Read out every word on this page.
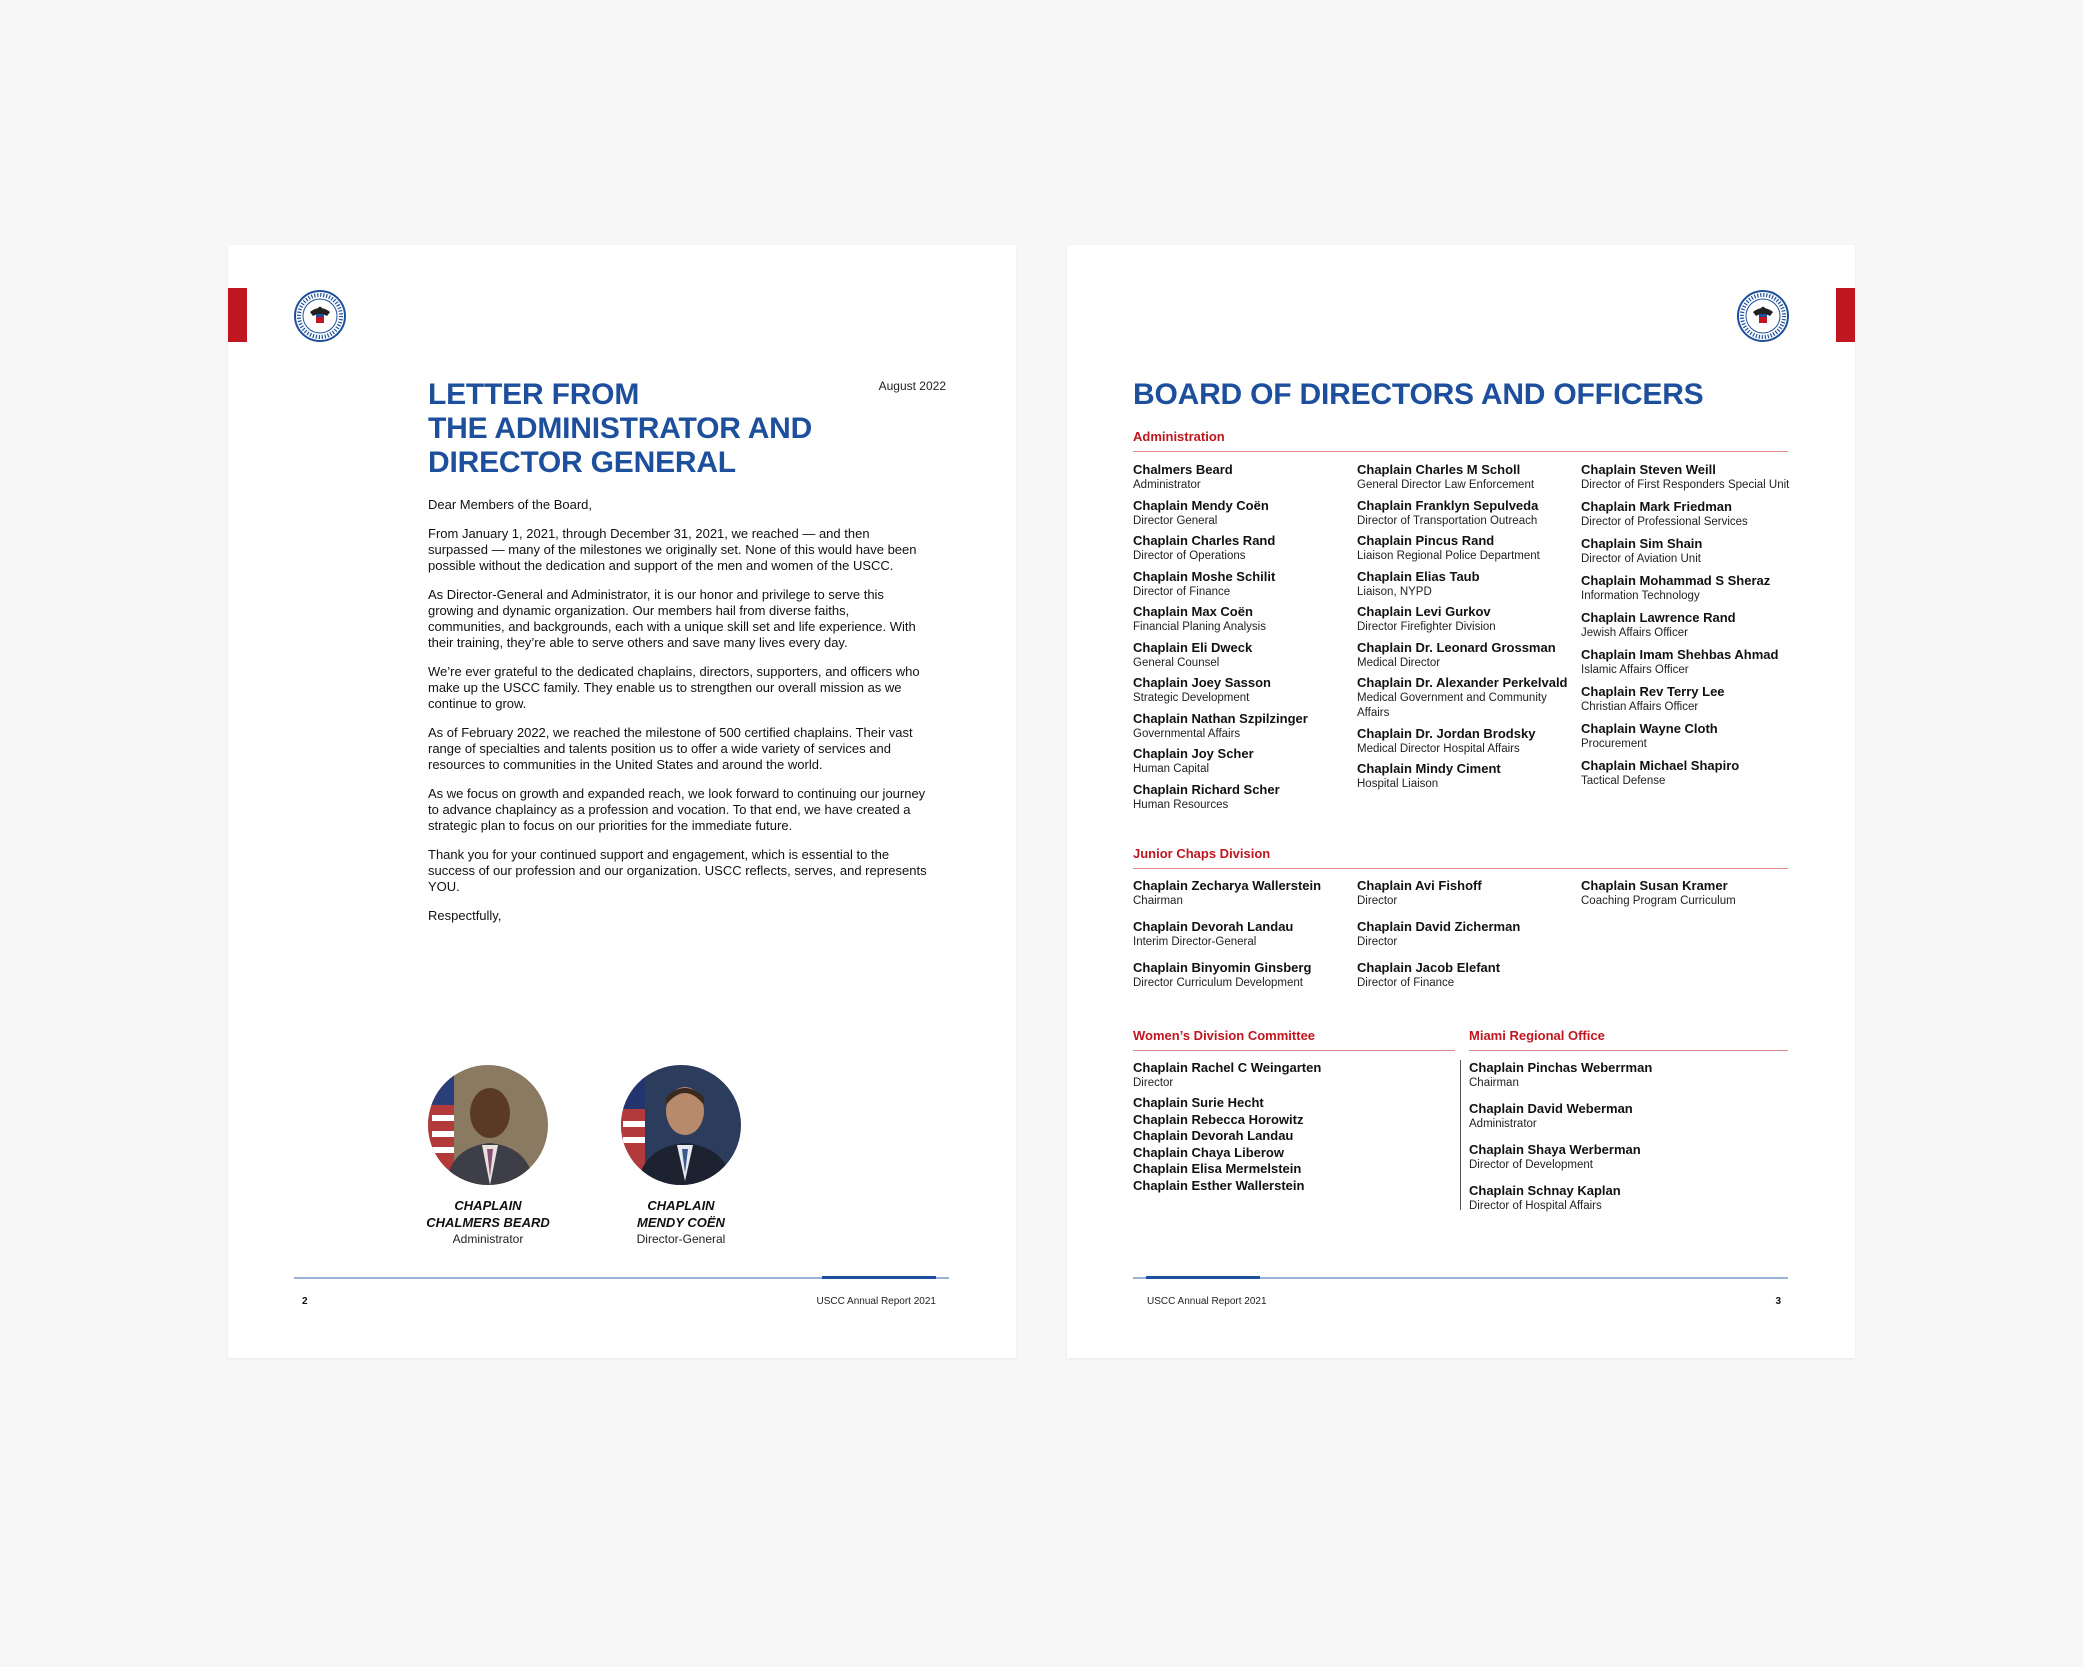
LETTER FROM
THE ADMINISTRATOR AND
DIRECTOR GENERAL
August 2022

Dear Members of the Board,

From January 1, 2021, through December 31, 2021, we reached — and then surpassed — many of the milestones we originally set. None of this would have been possible without the dedication and support of the men and women of the USCC.

As Director-General and Administrator, it is our honor and privilege to serve this growing and dynamic organization. Our members hail from diverse faiths, communities, and backgrounds, each with a unique skill set and life experience. With their training, they’re able to serve others and save many lives every day.

We’re ever grateful to the dedicated chaplains, directors, supporters, and officers who make up the USCC family. They enable us to strengthen our overall mission as we continue to grow.

As of February 2022, we reached the milestone of 500 certified chaplains. Their vast range of specialties and talents position us to offer a wide variety of services and resources to communities in the United States and around the world.

As we focus on growth and expanded reach, we look forward to continuing our journey to advance chaplaincy as a profession and vocation. To that end, we have created a strategic plan to focus on our priorities for the immediate future.

Thank you for your continued support and engagement, which is essential to the success of our profession and our organization. USCC reflects, serves, and represents YOU.

Respectfully,

CHAPLAIN
CHALMERS BEARD
Administrator
CHAPLAIN
MENDY COËN
Director-General
2	USCC Annual Report 2021
BOARD OF DIRECTORS AND OFFICERS
Administration
Chalmers Beard
Administrator
Chaplain Mendy Coën
Director General
Chaplain Charles Rand
Director of Operations
Chaplain Moshe Schilit
Director of Finance
Chaplain Max Coën
Financial Planing Analysis
Chaplain Eli Dweck
General Counsel
Chaplain Joey Sasson
Strategic Development
Chaplain Nathan Szpilzinger
Governmental Affairs
Chaplain Joy Scher
Human Capital
Chaplain Richard Scher
Human Resources
Chaplain Charles M Scholl
General Director Law Enforcement
Chaplain Franklyn Sepulveda
Director of Transportation Outreach
Chaplain Pincus Rand
Liaison Regional Police Department
Chaplain Elias Taub
Liaison, NYPD
Chaplain Levi Gurkov
Director Firefighter Division
Chaplain Dr. Leonard Grossman
Medical Director
Chaplain Dr. Alexander Perkelvald
Medical Government and Community Affairs
Chaplain Dr. Jordan Brodsky
Medical Director Hospital Affairs
Chaplain Mindy Ciment
Hospital Liaison
Chaplain Steven Weill
Director of First Responders Special Unit
Chaplain Mark Friedman
Director of Professional Services
Chaplain Sim Shain
Director of Aviation Unit
Chaplain Mohammad S Sheraz
Information Technology
Chaplain Lawrence Rand
Jewish Affairs Officer
Chaplain Imam Shehbas Ahmad
Islamic Affairs Officer
Chaplain Rev Terry Lee
Christian Affairs Officer
Chaplain Wayne Cloth
Procurement
Chaplain Michael Shapiro
Tactical Defense
Junior Chaps Division
Chaplain Zecharya Wallerstein
Chairman
Chaplain Devorah Landau
Interim Director-General
Chaplain Binyomin Ginsberg
Director Curriculum Development
Chaplain Avi Fishoff
Director
Chaplain David Zicherman
Director
Chaplain Jacob Elefant
Director of Finance
Chaplain Susan Kramer
Coaching Program Curriculum
Women’s Division Committee
Chaplain Rachel C Weingarten
Director
Chaplain Surie Hecht
Chaplain Rebecca Horowitz
Chaplain Devorah Landau
Chaplain Chaya Liberow
Chaplain Elisa Mermelstein
Chaplain Esther Wallerstein
Miami Regional Office
Chaplain Pinchas Weberrman
Chairman
Chaplain David Weberman
Administrator
Chaplain Shaya Werberman
Director of Development
Chaplain Schnay Kaplan
Director of Hospital Affairs
USCC Annual Report 2021	3
